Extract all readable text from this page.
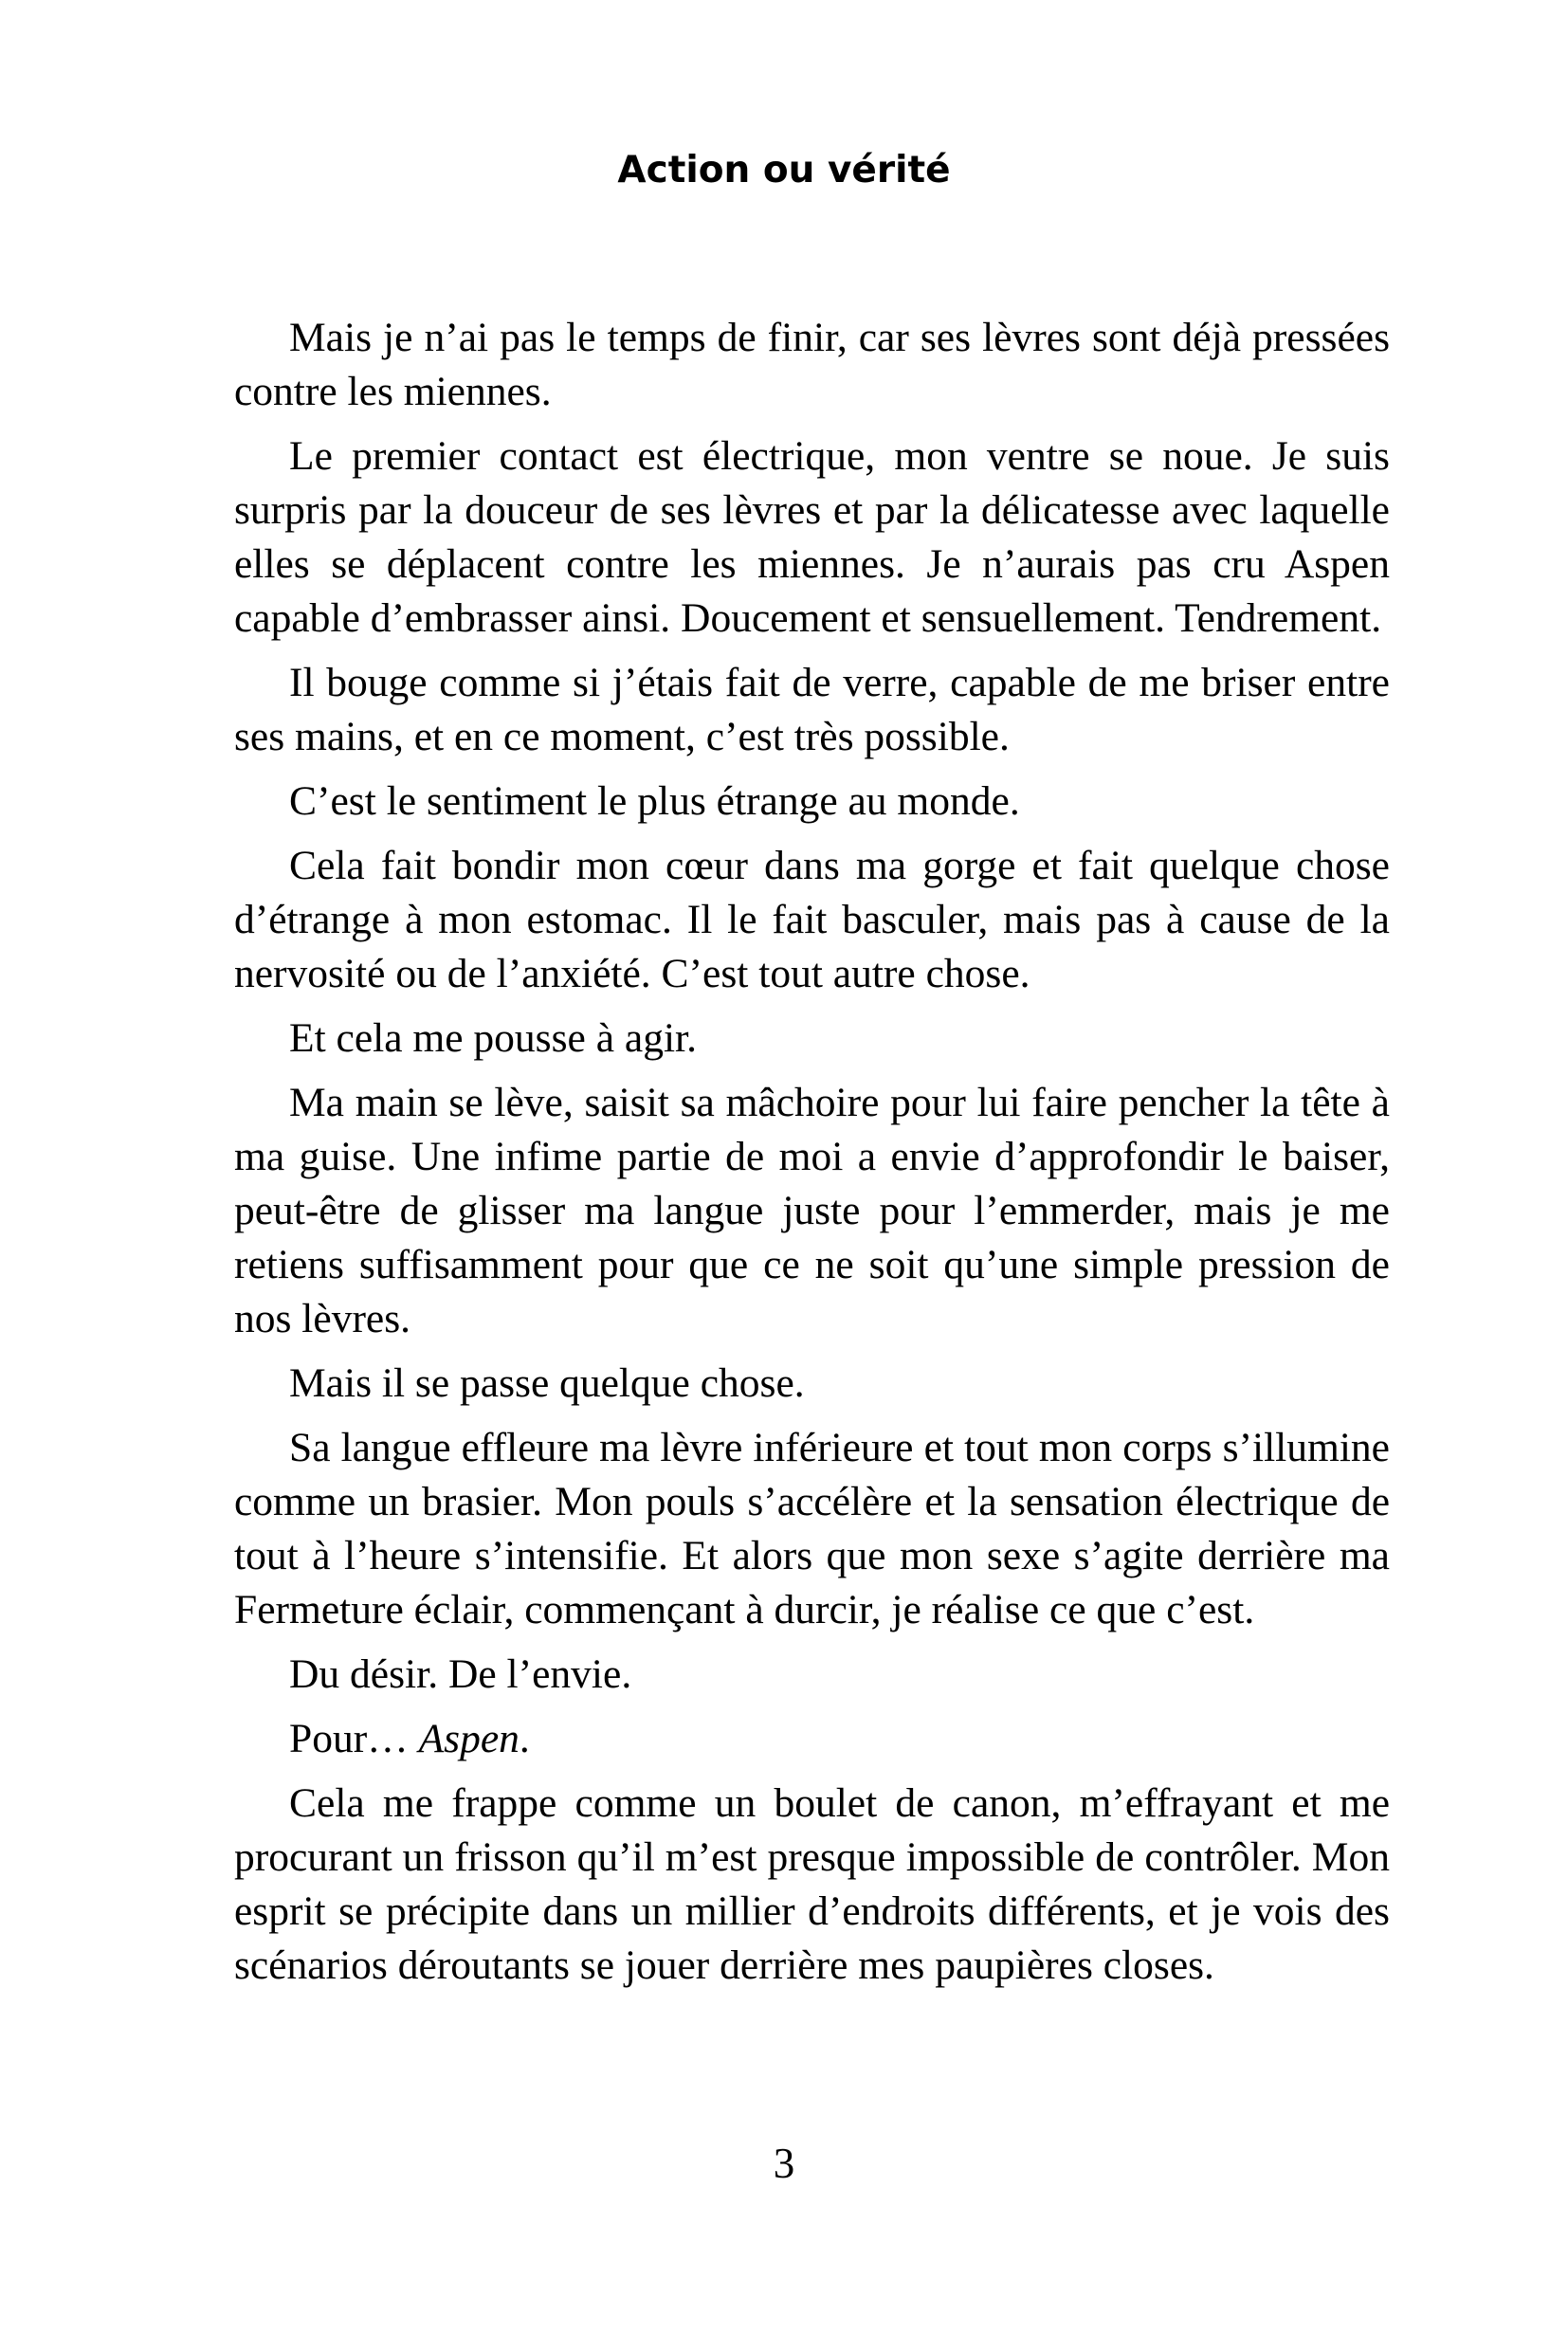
Action ou vérité

Mais je n’ai pas le temps de finir, car ses lèvres sont déjà pressées contre les miennes.

Le premier contact est électrique, mon ventre se noue. Je suis surpris par la douceur de ses lèvres et par la délicatesse avec laquelle elles se déplacent contre les miennes. Je n’aurais pas cru Aspen capable d’embrasser ainsi. Doucement et sensuellement. Tendrement.

Il bouge comme si j’étais fait de verre, capable de me briser entre ses mains, et en ce moment, c’est très possible.

C’est le sentiment le plus étrange au monde.

Cela fait bondir mon cœur dans ma gorge et fait quelque chose d’étrange à mon estomac. Il le fait basculer, mais pas à cause de la nervosité ou de l’anxiété. C’est tout autre chose.

Et cela me pousse à agir.

Ma main se lève, saisit sa mâchoire pour lui faire pencher la tête à ma guise. Une infime partie de moi a envie d’approfondir le baiser, peut-être de glisser ma langue juste pour l’emmerder, mais je me retiens suffisamment pour que ce ne soit qu’une simple pression de nos lèvres.

Mais il se passe quelque chose.

Sa langue effleure ma lèvre inférieure et tout mon corps s’illumine comme un brasier. Mon pouls s’accélère et la sensation électrique de tout à l’heure s’intensifie. Et alors que mon sexe s’agite derrière ma Fermeture éclair, commençant à durcir, je réalise ce que c’est.

Du désir. De l’envie.

Pour… Aspen.

Cela me frappe comme un boulet de canon, m’effrayant et me procurant un frisson qu’il m’est presque impossible de contrôler. Mon esprit se précipite dans un millier d’endroits différents, et je vois des scénarios déroutants se jouer derrière mes paupières closes.

3
